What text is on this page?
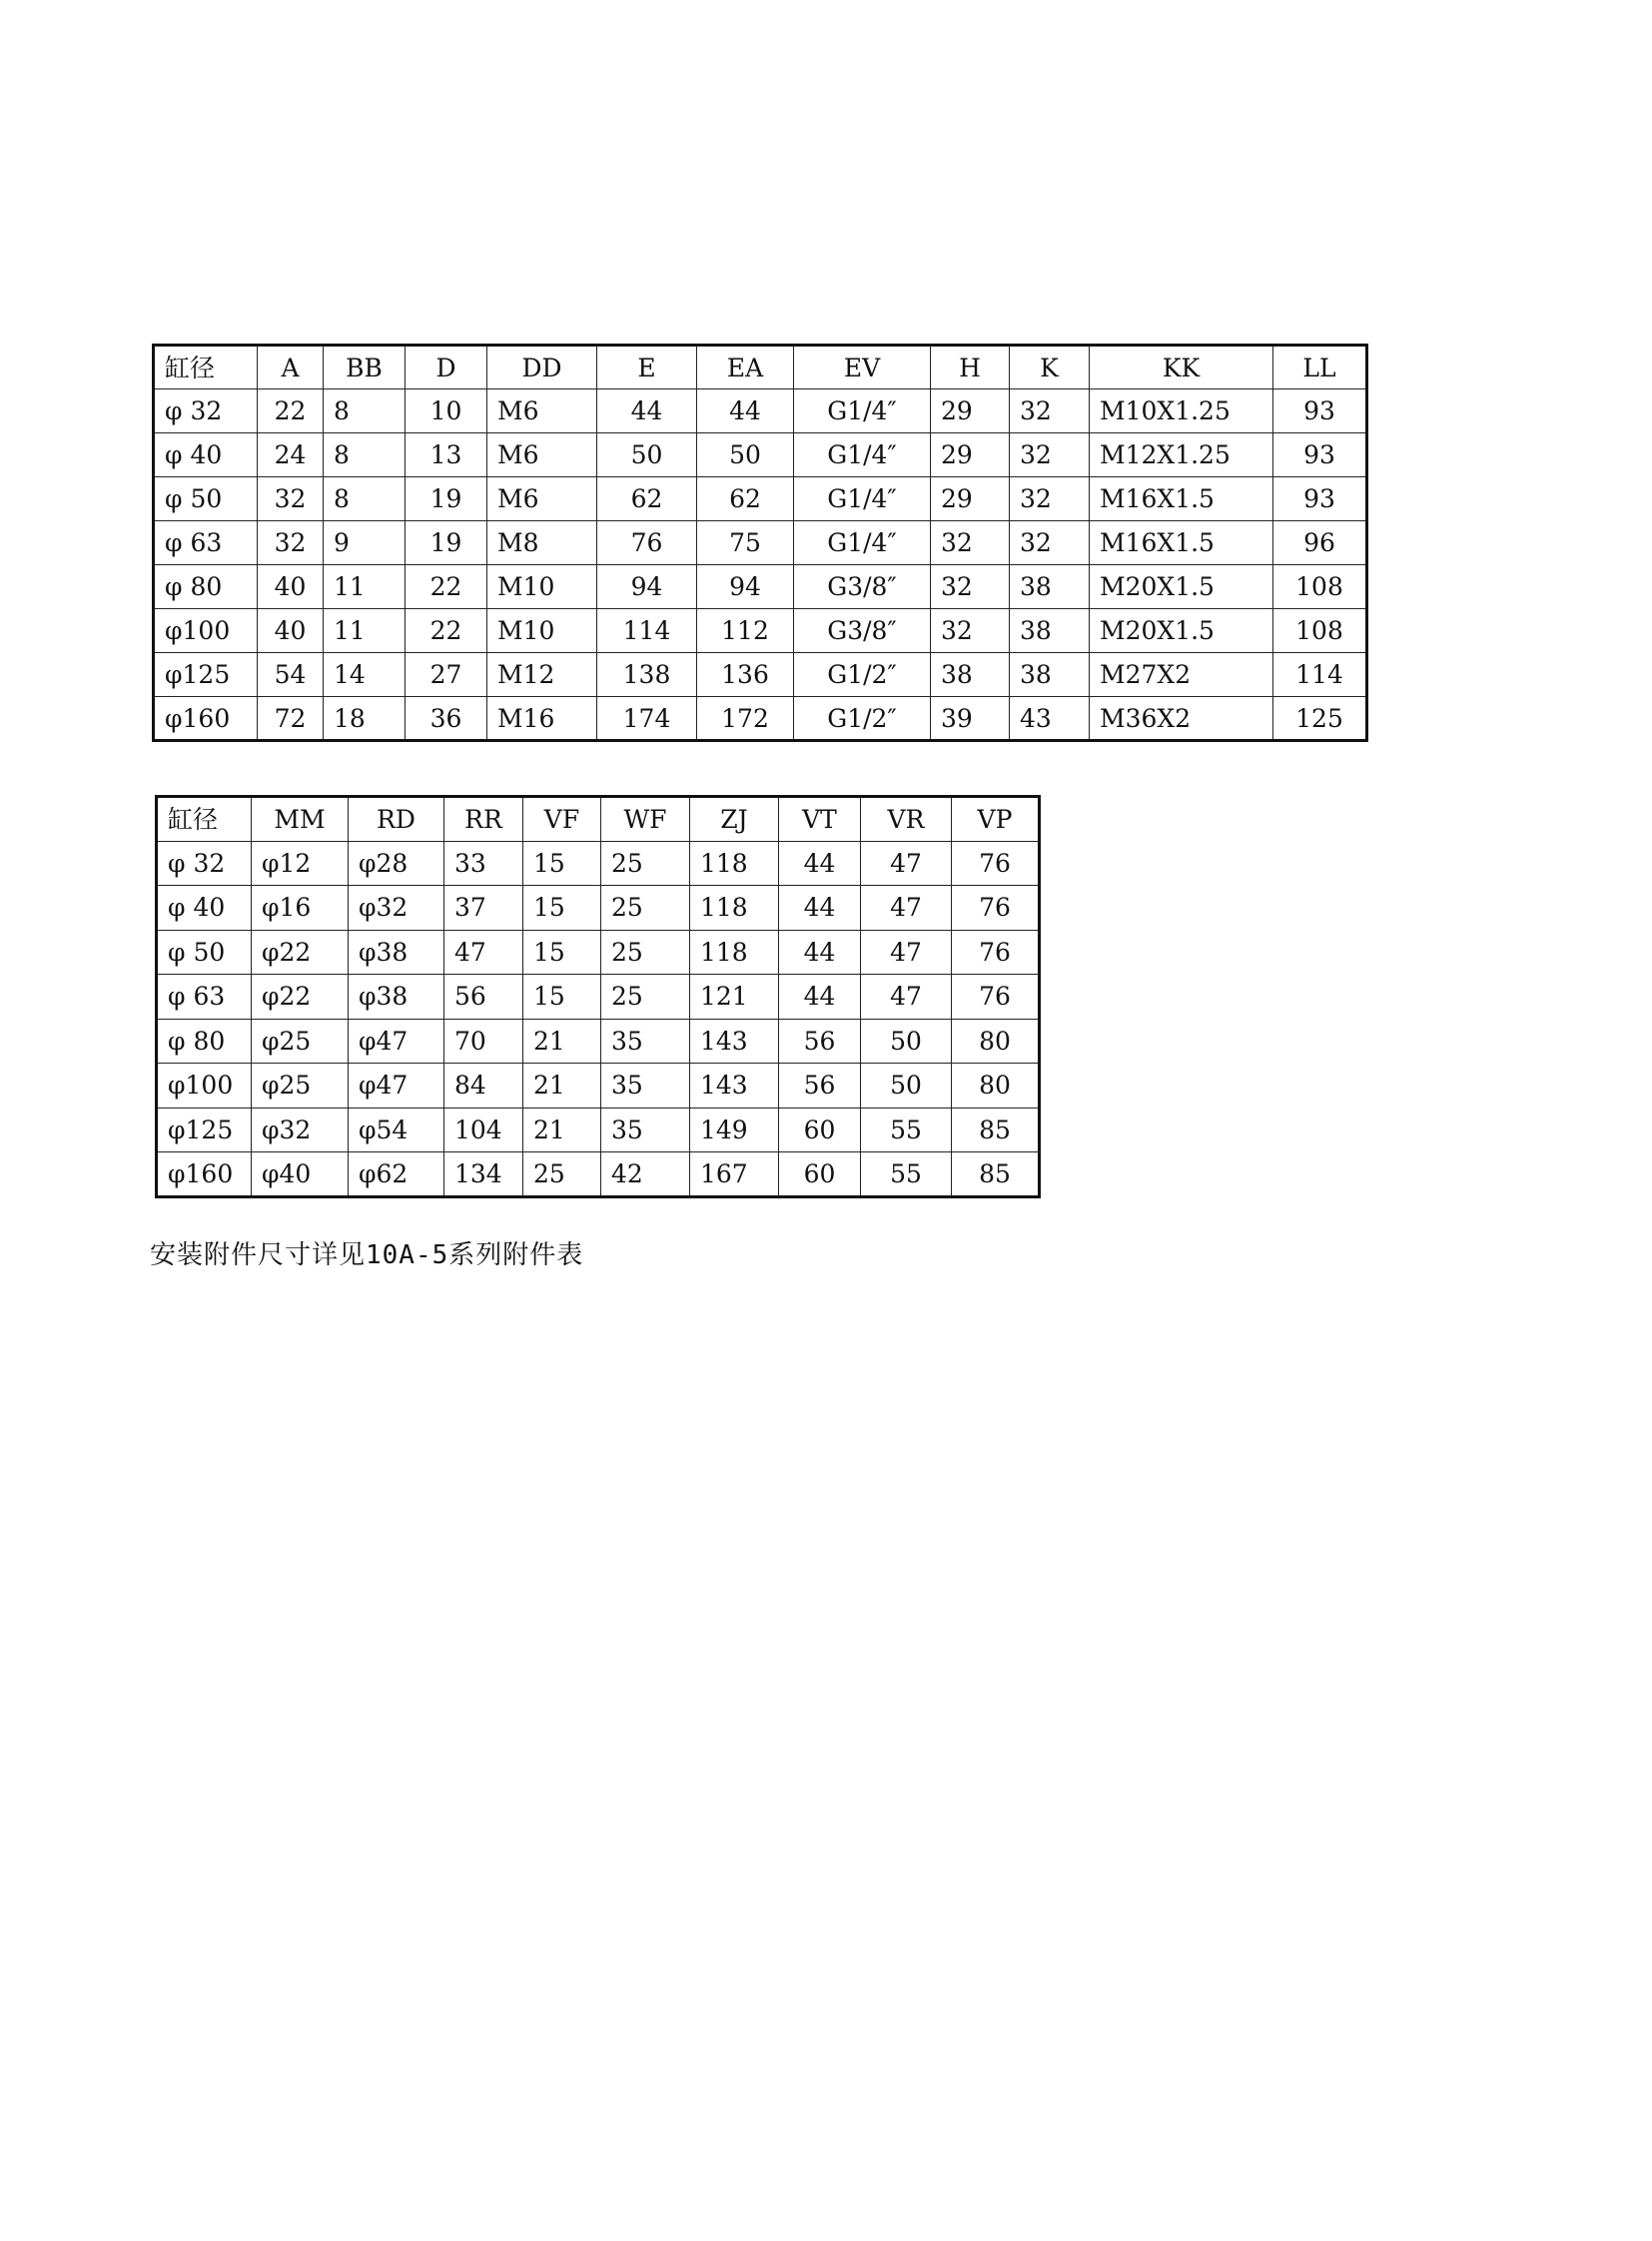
缸径	A	BB	D	DD	E	EA	EV	H	K	KK	LL
φ 32	22	8	10	M6	44	44	G1/4″	29	32	M10X1.25	93
φ 40	24	8	13	M6	50	50	G1/4″	29	32	M12X1.25	93
φ 50	32	8	19	M6	62	62	G1/4″	29	32	M16X1.5	93
φ 63	32	9	19	M8	76	75	G1/4″	32	32	M16X1.5	96
φ 80	40	11	22	M10	94	94	G3/8″	32	38	M20X1.5	108
φ100	40	11	22	M10	114	112	G3/8″	32	38	M20X1.5	108
φ125	54	14	27	M12	138	136	G1/2″	38	38	M27X2	114
φ160	72	18	36	M16	174	172	G1/2″	39	43	M36X2	125
缸径	MM	RD	RR	VF	WF	ZJ	VT	VR	VP
φ 32	φ12	φ28	33	15	25	118	44	47	76
φ 40	φ16	φ32	37	15	25	118	44	47	76
φ 50	φ22	φ38	47	15	25	118	44	47	76
φ 63	φ22	φ38	56	15	25	121	44	47	76
φ 80	φ25	φ47	70	21	35	143	56	50	80
φ100	φ25	φ47	84	21	35	143	56	50	80
φ125	φ32	φ54	104	21	35	149	60	55	85
φ160	φ40	φ62	134	25	42	167	60	55	85
安装附件尺寸详见10A-5系列附件表
